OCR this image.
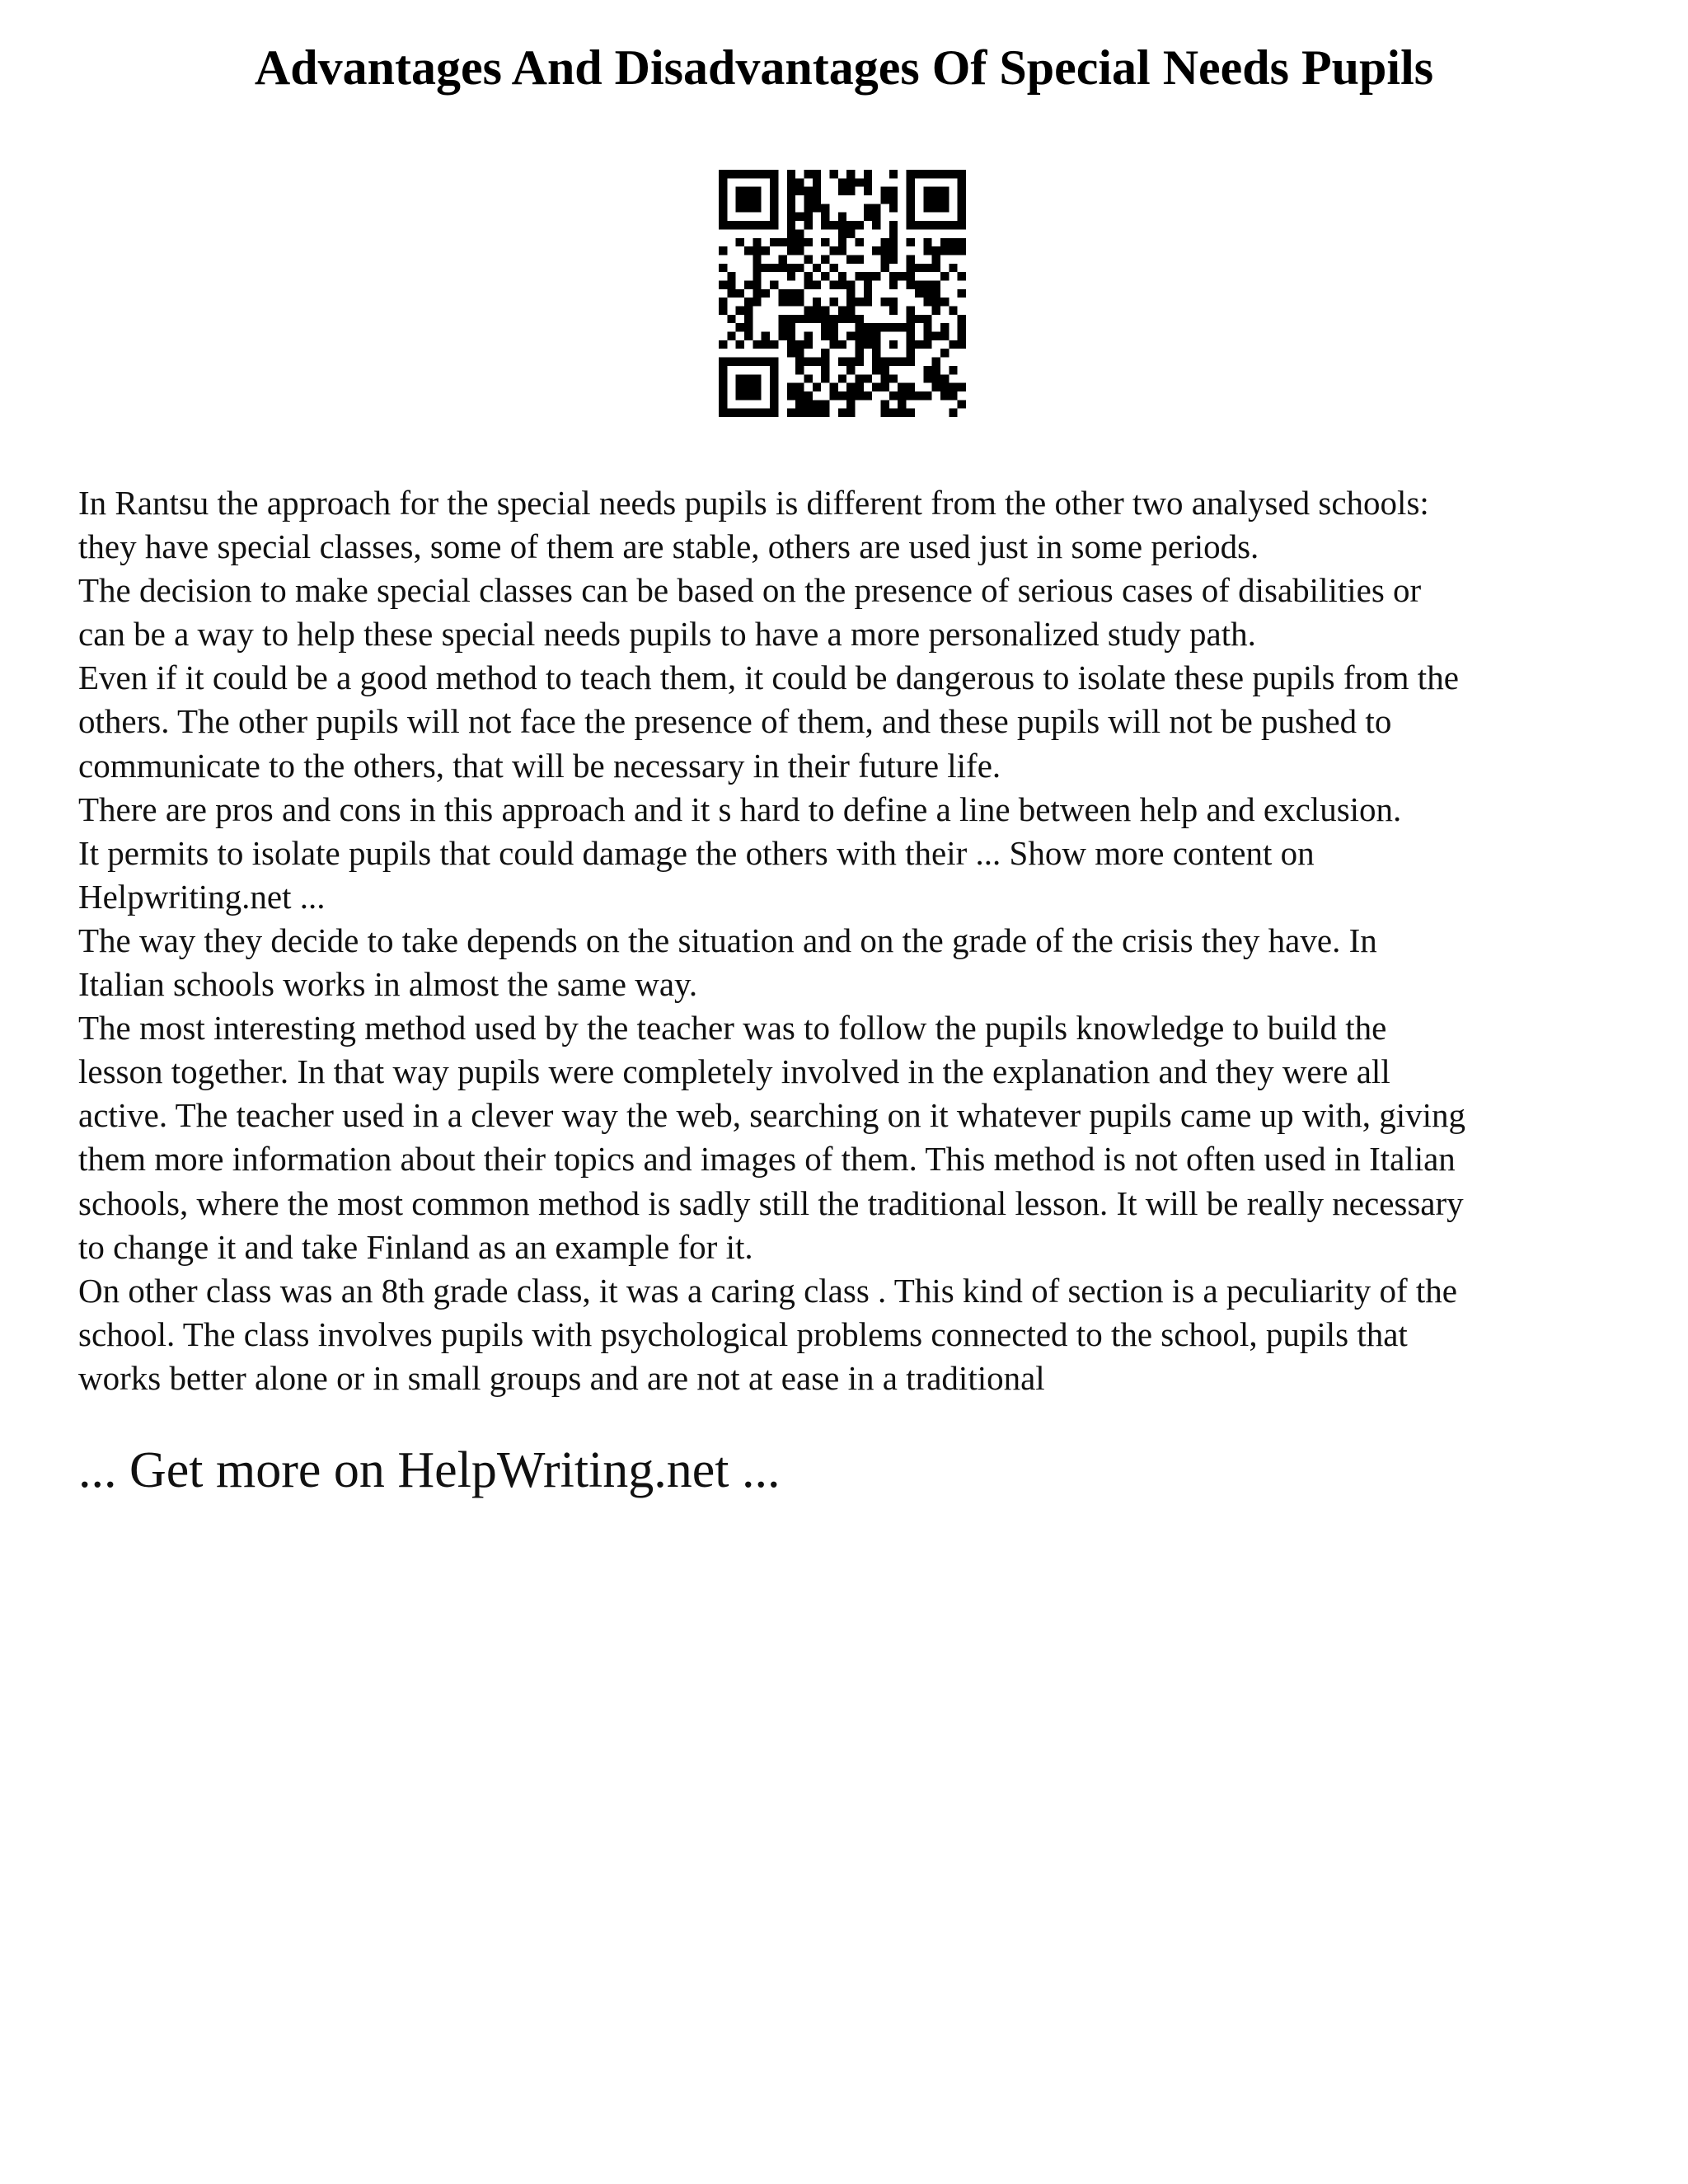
Advantages And Disadvantages Of Special Needs Pupils

In Rantsu the approach for the special needs pupils is different from the other two analysed schools:
they have special classes, some of them are stable, others are used just in some periods.

The decision to make special classes can be based on the presence of serious cases of disabilities or
can be a way to help these special needs pupils to have a more personalized study path.

Even if it could be a good method to teach them, it could be dangerous to isolate these pupils from the
others. The other pupils will not face the presence of them, and these pupils will not be pushed to
communicate to the others, that will be necessary in their future life.

There are pros and cons in this approach and it s hard to define a line between help and exclusion.

It permits to isolate pupils that could damage the others with their ... Show more content on
Helpwriting.net ...

The way they decide to take depends on the situation and on the grade of the crisis they have. In
Italian schools works in almost the same way.

The most interesting method used by the teacher was to follow the pupils knowledge to build the
lesson together. In that way pupils were completely involved in the explanation and they were all
active. The teacher used in a clever way the web, searching on it whatever pupils came up with, giving
them more information about their topics and images of them. This method is not often used in Italian
schools, where the most common method is sadly still the traditional lesson. It will be really necessary
to change it and take Finland as an example for it.

On other class was an 8th grade class, it was a caring class . This kind of section is a peculiarity of the
school. The class involves pupils with psychological problems connected to the school, pupils that
works better alone or in small groups and are not at ease in a traditional

... Get more on HelpWriting.net ...
